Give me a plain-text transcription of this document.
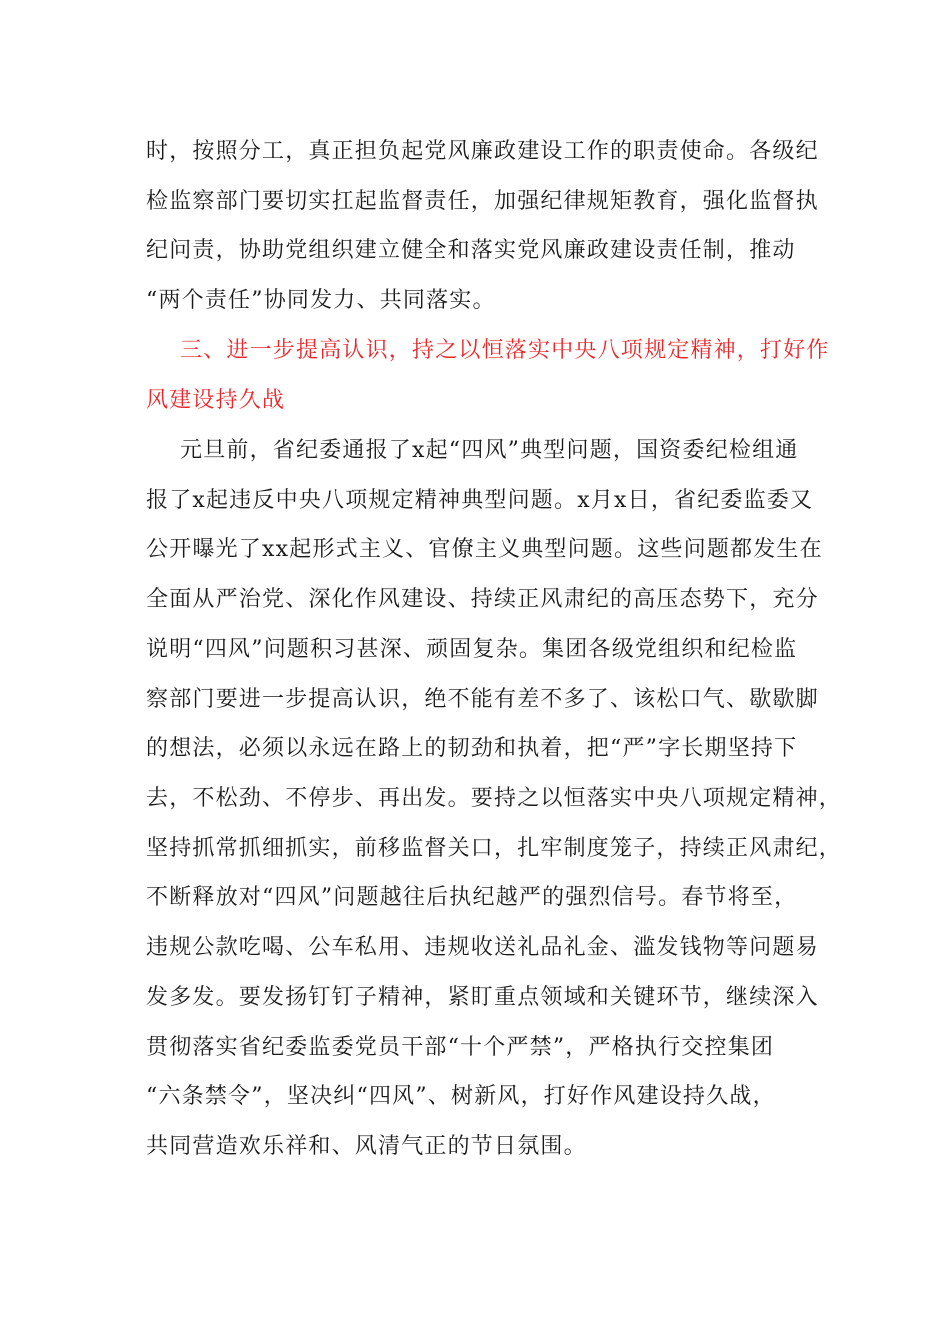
时，按照分工，真正担负起党风廉政建设工作的职责使命。各级纪
检监察部门要切实扛起监督责任，加强纪律规矩教育，强化监督执
纪问责，协助党组织建立健全和落实党风廉政建设责任制，推动
“两个责任”协同发力、共同落实。
三、进一步提高认识，持之以恒落实中央八项规定精神，打好作
风建设持久战
元旦前，省纪委通报了x起“四风”典型问题，国资委纪检组通
报了x起违反中央八项规定精神典型问题。x月x日，省纪委监委又
公开曝光了xx起形式主义、官僚主义典型问题。这些问题都发生在
全面从严治党、深化作风建设、持续正风肃纪的高压态势下，充分
说明“四风”问题积习甚深、顽固复杂。集团各级党组织和纪检监
察部门要进一步提高认识，绝不能有差不多了、该松口气、歇歇脚
的想法，必须以永远在路上的韧劲和执着，把“严”字长期坚持下
去，不松劲、不停步、再出发。要持之以恒落实中央八项规定精神，
坚持抓常抓细抓实，前移监督关口，扎牢制度笼子，持续正风肃纪，
不断释放对“四风”问题越往后执纪越严的强烈信号。春节将至，
违规公款吃喝、公车私用、违规收送礼品礼金、滥发钱物等问题易
发多发。要发扬钉钉子精神，紧盯重点领域和关键环节，继续深入
贯彻落实省纪委监委党员干部“十个严禁”，严格执行交控集团
“六条禁令”，坚决纠“四风”、树新风，打好作风建设持久战，
共同营造欢乐祥和、风清气正的节日氛围。
